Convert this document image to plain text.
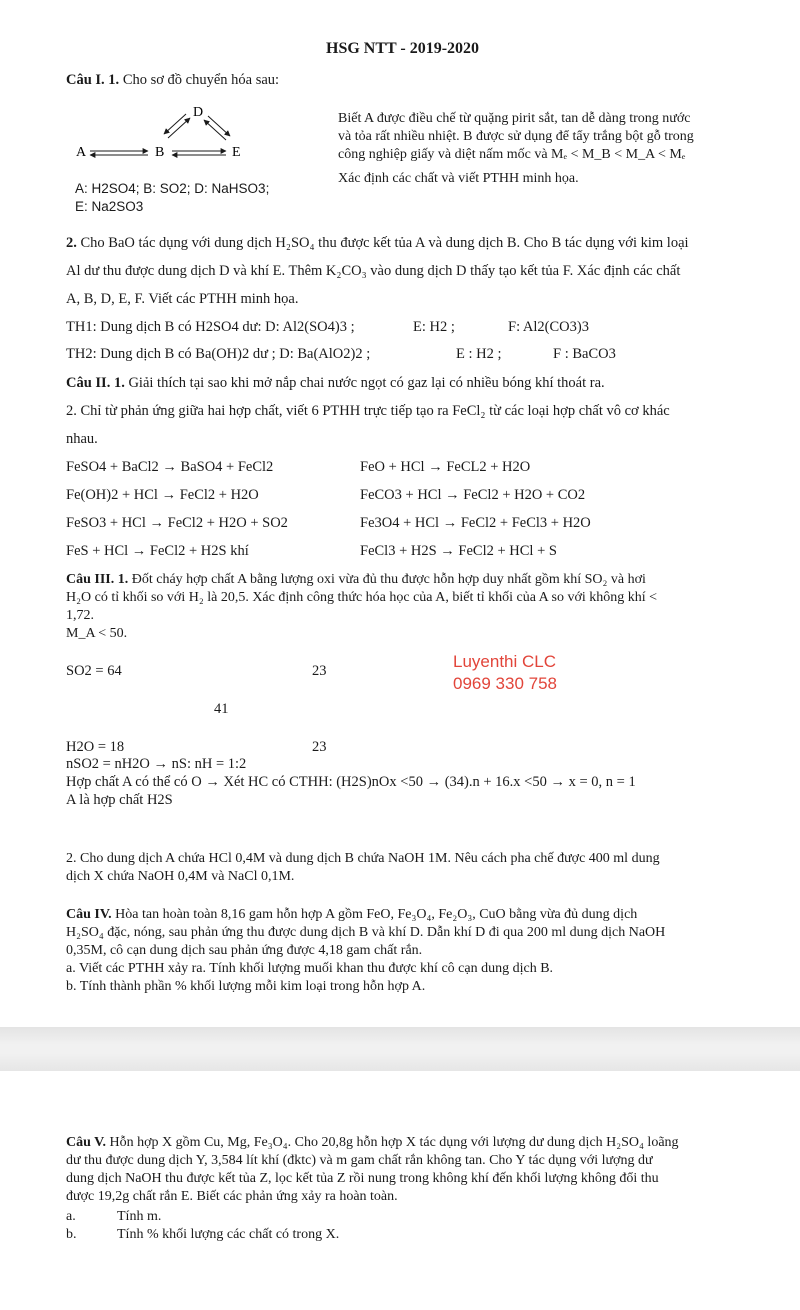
HSG NTT - 2019-2020
Câu I. 1. Cho sơ đồ chuyển hóa sau:
A	B
D
E
Biết A được điều chế từ quặng pirit sắt, tan dễ dàng trong nước
và tỏa rất nhiều nhiệt. B được sử dụng để tẩy trắng bột gỗ trong
công nghiệp giấy và diệt nấm mốc và Mₑ < M_B < M_A < Mₑ
Xác định các chất và viết PTHH minh họa.
A: H2SO4; B: SO2; D: NaHSO3;
E: Na2SO3
2. Cho BaO tác dụng với dung dịch H₂SO₄ thu được kết tủa A và dung dịch B. Cho B tác dụng với kim loại
Al dư thu được dung dịch D và khí E. Thêm K₂CO₃ vào dung dịch D thấy tạo kết tủa F. Xác định các chất
A, B, D, E, F. Viết các PTHH minh họa.
TH1: Dung dịch B có H2SO4 dư: D: Al2(SO4)3 ;	E: H2 ;	F: Al2(CO3)3
TH2: Dung dịch B có Ba(OH)2 dư ; D: Ba(AlO2)2 ;	E : H2 ;	F : BaCO3
Câu II. 1. Giải thích tại sao khi mở nắp chai nước ngọt có gaz lại có nhiều bóng khí thoát ra.
2. Chỉ từ phản ứng giữa hai hợp chất, viết 6 PTHH trực tiếp tạo ra FeCl₂ từ các loại hợp chất vô cơ khác
nhau.
FeSO4 + BaCl2 → BaSO4 + FeCl2	FeO + HCl → FeCL2 + H2O
Fe(OH)2 + HCl → FeCl2 + H2O	FeCO3 + HCl → FeCl2 + H2O + CO2
FeSO3 + HCl → FeCl2 + H2O + SO2	Fe3O4 + HCl → FeCl2 + FeCl3 + H2O
FeS + HCl → FeCl2 + H2S khí	FeCl3 + H2S → FeCl2 + HCl + S
Câu III. 1. Đốt cháy hợp chất A bằng lượng oxi vừa đủ thu được hỗn hợp duy nhất gồm khí SO₂ và hơi
H₂O có tỉ khối so với H₂ là 20,5. Xác định công thức hóa học của A, biết tỉ khối của A so với không khí <
1,72.
M_A < 50.
SO2 = 64	23	Luyenthi CLC
0969 330 758
41
H2O = 18	23
nSO2 = nH2O → nS: nH = 1:2
Hợp chất A có thể có O → Xét HC có CTHH: (H2S)nOx <50 → (34).n + 16.x <50 → x = 0, n = 1
A là hợp chất H2S
2. Cho dung dịch A chứa HCl 0,4M và dung dịch B chứa NaOH 1M. Nêu cách pha chế được 400 ml dung
dịch X chứa NaOH 0,4M và NaCl 0,1M.
Câu IV. Hòa tan hoàn toàn 8,16 gam hỗn hợp A gồm FeO, Fe₃O₄, Fe₂O₃, CuO bằng vừa đủ dung dịch
H₂SO₄ đặc, nóng, sau phản ứng thu được dung dịch B và khí D. Dẫn khí D đi qua 200 ml dung dịch NaOH
0,35M, cô cạn dung dịch sau phản ứng được 4,18 gam chất rắn.
a. Viết các PTHH xảy ra. Tính khối lượng muối khan thu được khí cô cạn dung dịch B.
b. Tính thành phần % khối lượng mỗi kim loại trong hỗn hợp A.
Câu V. Hỗn hợp X gồm Cu, Mg, Fe₃O₄. Cho 20,8g hỗn hợp X tác dụng với lượng dư dung dịch H₂SO₄ loãng
dư thu được dung dịch Y, 3,584 lít khí (đktc) và m gam chất rắn không tan. Cho Y tác dụng với lượng dư
dung dịch NaOH thu được kết tủa Z, lọc kết tủa Z rồi nung trong không khí đến khối lượng không đổi thu
được 19,2g chất rắn E. Biết các phản ứng xảy ra hoàn toàn.
a.	Tính m.
b.	Tính % khối lượng các chất có trong X.
